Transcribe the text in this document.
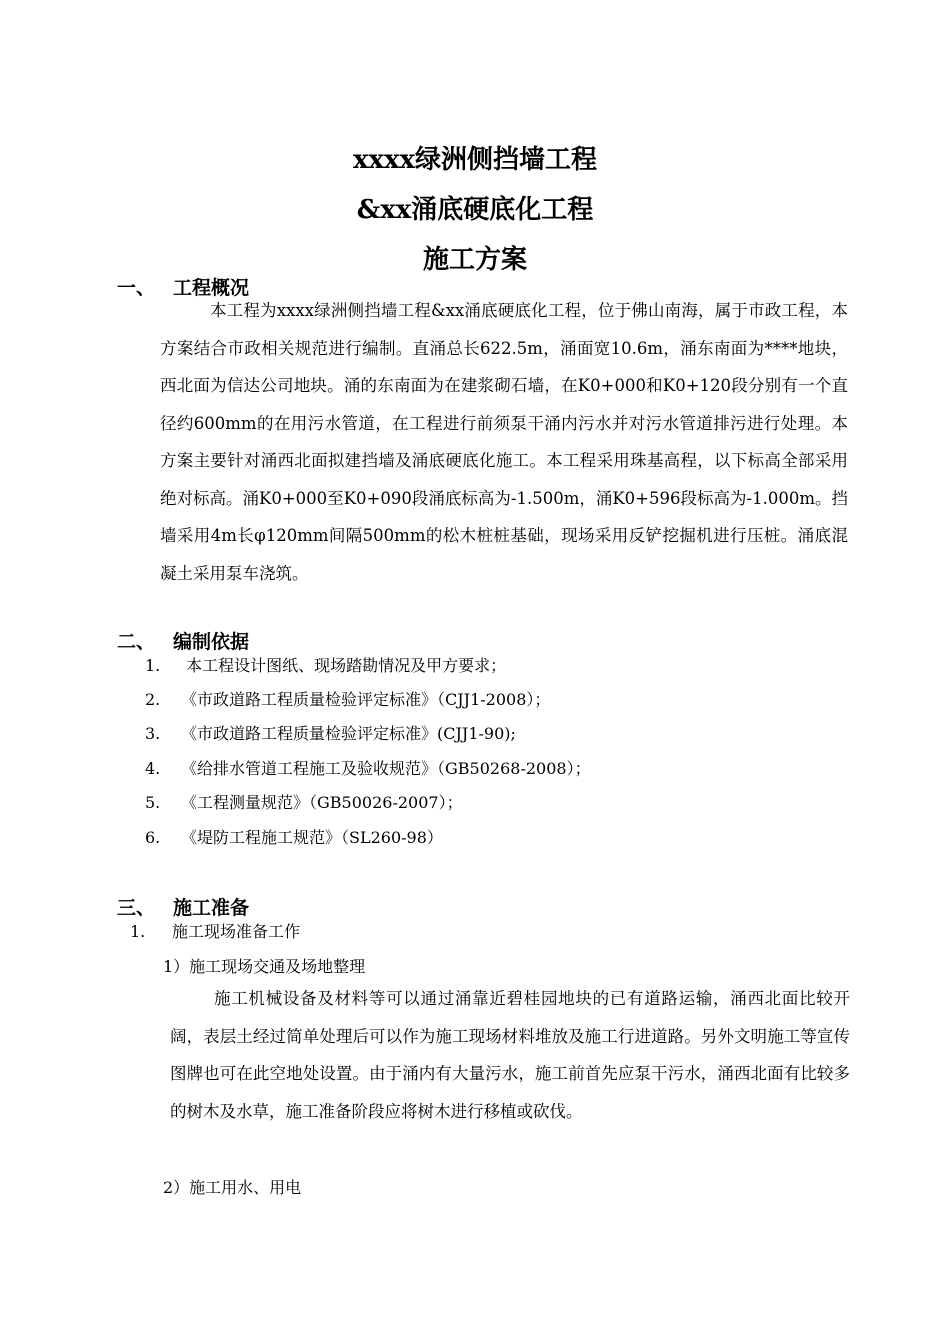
xxxx绿洲侧挡墙工程
&xx涌底硬底化工程
施工方案
一、 工程概况
本工程为xxxx绿洲侧挡墙工程&xx涌底硬底化工程，位于佛山南海，属于市政工程，本方案结合市政相关规范进行编制。直涌总长622.5m，涌面宽10.6m，涌东南面为****地块，西北面为信达公司地块。涌的东南面为在建浆砌石墙，在K0+000和K0+120段分别有一个直径约600mm的在用污水管道，在工程进行前须泵干涌内污水并对污水管道排污进行处理。本方案主要针对涌西北面拟建挡墙及涌底硬底化施工。本工程采用珠基高程，以下标高全部采用绝对标高。涌K0+000至K0+090段涌底标高为-1.500m，涌K0+596段标高为-1.000m。挡墙采用4m长φ120mm间隔500mm的松木桩桩基础，现场采用反铲挖掘机进行压桩。涌底混凝土采用泵车浇筑。
二、 编制依据
1. 本工程设计图纸、现场踏勘情况及甲方要求；
2. 《市政道路工程质量检验评定标准》（CJJ1-2008）；
3. 《市政道路工程质量检验评定标准》(CJJ1-90);
4. 《给排水管道工程施工及验收规范》（GB50268-2008）；
5. 《工程测量规范》（GB50026-2007）；
6. 《堤防工程施工规范》（SL260-98）
三、 施工准备
1. 施工现场准备工作
1）施工现场交通及场地整理
施工机械设备及材料等可以通过涌靠近碧桂园地块的已有道路运输，涌西北面比较开阔，表层土经过简单处理后可以作为施工现场材料堆放及施工行进道路。另外文明施工等宣传图牌也可在此空地处设置。由于涌内有大量污水，施工前首先应泵干污水，涌西北面有比较多的树木及水草，施工准备阶段应将树木进行移植或砍伐。
2）施工用水、用电
